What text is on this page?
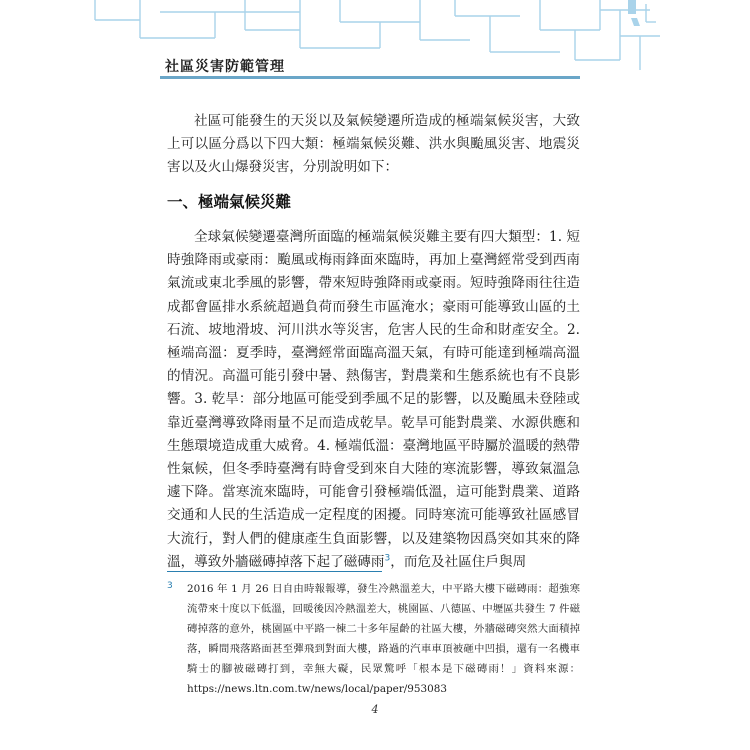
社區災害防範管理

社區可能發生的天災以及氣候變遷所造成的極端氣候災害，大致上可以區分爲以下四大類：極端氣候災難、洪水與颱風災害、地震災害以及火山爆發災害，分別說明如下：

一、極端氣候災難

全球氣候變遷臺灣所面臨的極端氣候災難主要有四大類型：1. 短時強降雨或豪雨：颱風或梅雨鋒面來臨時，再加上臺灣經常受到西南氣流或東北季風的影響，帶來短時強降雨或豪雨。短時強降雨往往造成都會區排水系統超過負荷而發生市區淹水；豪雨可能導致山區的土石流、坡地滑坡、河川洪水等災害，危害人民的生命和財產安全。2. 極端高溫：夏季時，臺灣經常面臨高溫天氣，有時可能達到極端高溫的情況。高溫可能引發中暑、熱傷害，對農業和生態系統也有不良影響。3. 乾旱：部分地區可能受到季風不足的影響，以及颱風未登陸或靠近臺灣導致降雨量不足而造成乾旱。乾旱可能對農業、水源供應和生態環境造成重大威脅。4. 極端低溫：臺灣地區平時屬於溫暖的熱帶性氣候，但冬季時臺灣有時會受到來自大陸的寒流影響，導致氣溫急遽下降。當寒流來臨時，可能會引發極端低溫，這可能對農業、道路交通和人民的生活造成一定程度的困擾。同時寒流可能導致社區感冒大流行，對人們的健康產生負面影響，以及建築物因爲突如其來的降溫，導致外牆磁磚掉落下起了磁磚雨$^3$，而危及社區住戶與周

3 2016 年 1 月 26 日自由時報報導，發生冷熱溫差大，中平路大樓下磁磚雨：超強寒流帶來十度以下低溫，回暖後因冷熱溫差大，桃園區、八德區、中壢區共發生 7 件磁磚掉落的意外，桃園區中平路一棟二十多年屋齡的社區大樓，外牆磁磚突然大面積掉落，瞬間飛落路面甚至彈飛到對面大樓，路過的汽車車頂被砸中凹損，還有一名機車騎士的腳被磁磚打到，幸無大礙，民眾驚呼「根本是下磁磚雨！」資料來源：https://news.ltn.com.tw/news/local/paper/953083

4
